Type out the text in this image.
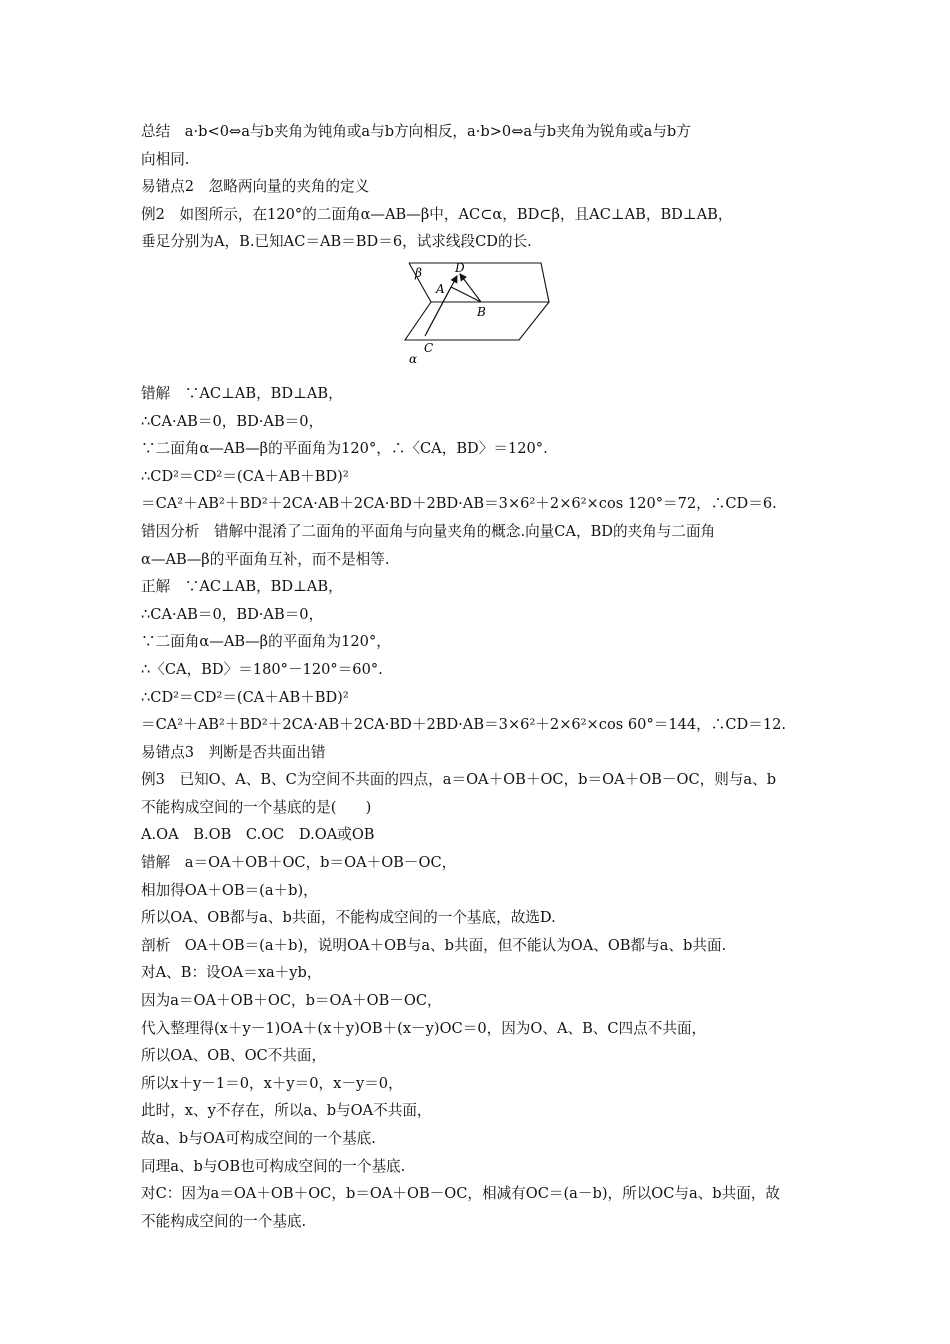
总结　a·b<0⇔a与b夹角为钝角或a与b方向相反，a·b>0⇔a与b夹角为锐角或a与b方
向相同.
易错点2　忽略两向量的夹角的定义
例2　如图所示，在120°的二面角α—AB—β中，AC⊂α，BD⊂β，且AC⊥AB，BD⊥AB，
垂足分别为A，B.已知AC＝AB＝BD＝6，试求线段CD的长.
β	D
A
B
C
α
错解　∵AC⊥AB，BD⊥AB，
∴CA·AB＝0，BD·AB＝0，
∵二面角α—AB—β的平面角为120°，∴〈CA，BD〉＝120°.
∴CD²＝CD²＝(CA＋AB＋BD)²
＝CA²＋AB²＋BD²＋2CA·AB＋2CA·BD＋2BD·AB＝3×6²＋2×6²×cos 120°＝72，∴CD＝6.
错因分析　错解中混淆了二面角的平面角与向量夹角的概念.向量CA，BD的夹角与二面角
α—AB—β的平面角互补，而不是相等.
正解　∵AC⊥AB，BD⊥AB，
∴CA·AB＝0，BD·AB＝0，
∵二面角α—AB—β的平面角为120°，
∴〈CA，BD〉＝180°－120°＝60°.
∴CD²＝CD²＝(CA＋AB＋BD)²
＝CA²＋AB²＋BD²＋2CA·AB＋2CA·BD＋2BD·AB＝3×6²＋2×6²×cos 60°＝144，∴CD＝12.
易错点3　判断是否共面出错
例3　已知O、A、B、C为空间不共面的四点，a＝OA＋OB＋OC，b＝OA＋OB－OC，则与a、b
不能构成空间的一个基底的是(　　)
A.OA　B.OB　C.OC　D.OA或OB
错解　a＝OA＋OB＋OC，b＝OA＋OB－OC，
相加得OA＋OB＝(a＋b)，
所以OA、OB都与a、b共面，不能构成空间的一个基底，故选D.
剖析　OA＋OB＝(a＋b)，说明OA＋OB与a、b共面，但不能认为OA、OB都与a、b共面.
对A、B：设OA＝xa＋yb，
因为a＝OA＋OB＋OC，b＝OA＋OB－OC，
代入整理得(x＋y－1)OA＋(x＋y)OB＋(x－y)OC＝0，因为O、A、B、C四点不共面，
所以OA、OB、OC不共面，
所以x＋y－1＝0，x＋y＝0，x－y＝0，
此时，x、y不存在，所以a、b与OA不共面，
故a、b与OA可构成空间的一个基底.
同理a、b与OB也可构成空间的一个基底.
对C：因为a＝OA＋OB＋OC，b＝OA＋OB－OC，相减有OC＝(a－b)，所以OC与a、b共面，故
不能构成空间的一个基底.
